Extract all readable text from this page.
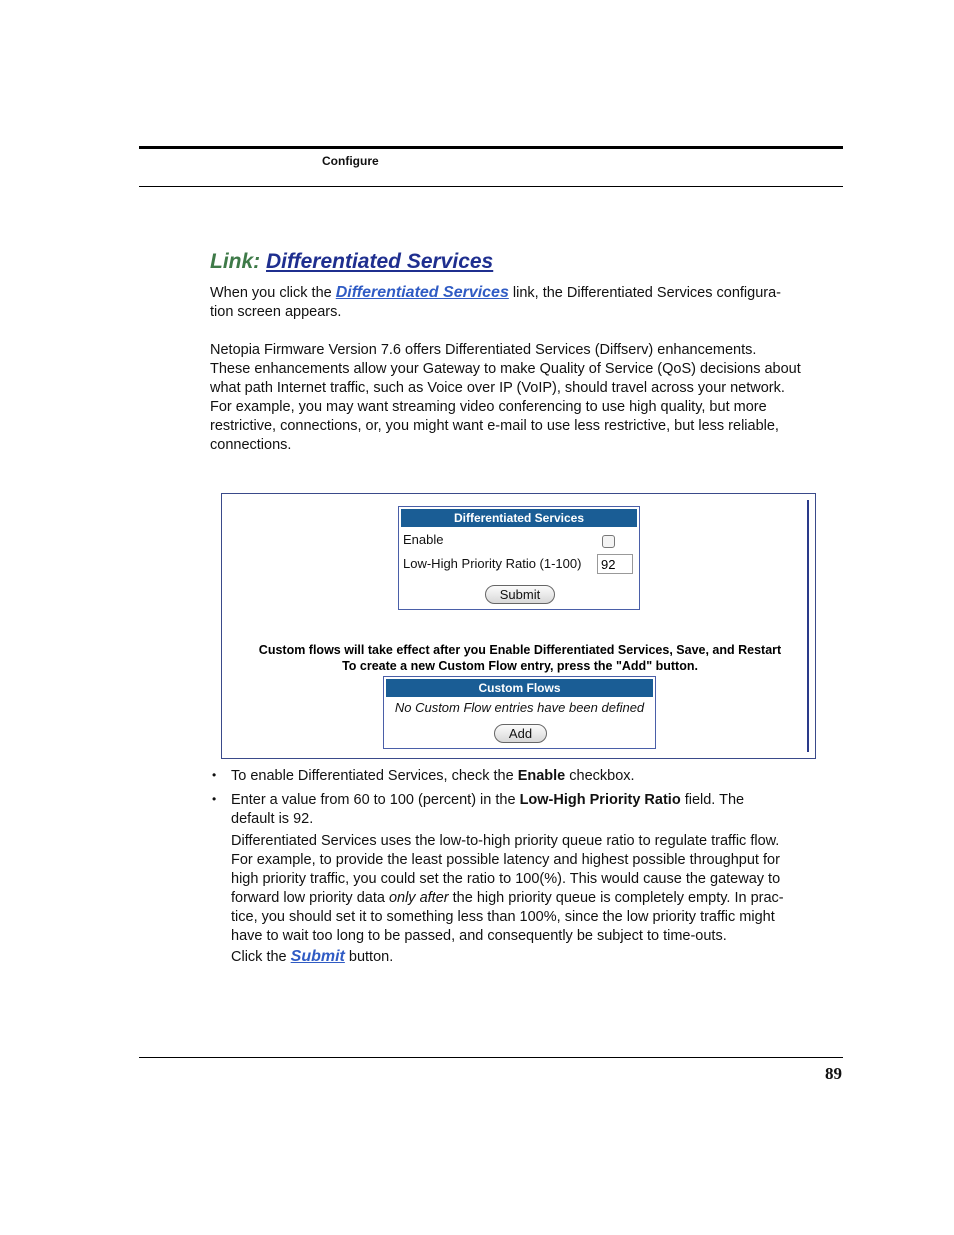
Configure
Link: Differentiated Services
When you click the Differentiated Services link, the Differentiated Services configura-
tion screen appears.
Netopia Firmware Version 7.6 offers Differentiated Services (Diffserv) enhancements.
These enhancements allow your Gateway to make Quality of Service (QoS) decisions about
what path Internet traffic, such as Voice over IP (VoIP), should travel across your network.
For example, you may want streaming video conferencing to use high quality, but more
restrictive, connections, or, you might want e-mail to use less restrictive, but less reliable,
connections.
Differentiated Services
Enable
Low-High Priority Ratio (1-100)
92
Submit
Custom flows will take effect after you Enable Differentiated Services, Save, and Restart
To create a new Custom Flow entry, press the "Add" button.
Custom Flows
No Custom Flow entries have been defined
Add
• To enable Differentiated Services, check the Enable checkbox.
• Enter a value from 60 to 100 (percent) in the Low-High Priority Ratio field. The
default is 92.
Differentiated Services uses the low-to-high priority queue ratio to regulate traffic flow.
For example, to provide the least possible latency and highest possible throughput for
high priority traffic, you could set the ratio to 100(%). This would cause the gateway to
forward low priority data only after the high priority queue is completely empty. In prac-
tice, you should set it to something less than 100%, since the low priority traffic might
have to wait too long to be passed, and consequently be subject to time-outs.
Click the Submit button.
89
